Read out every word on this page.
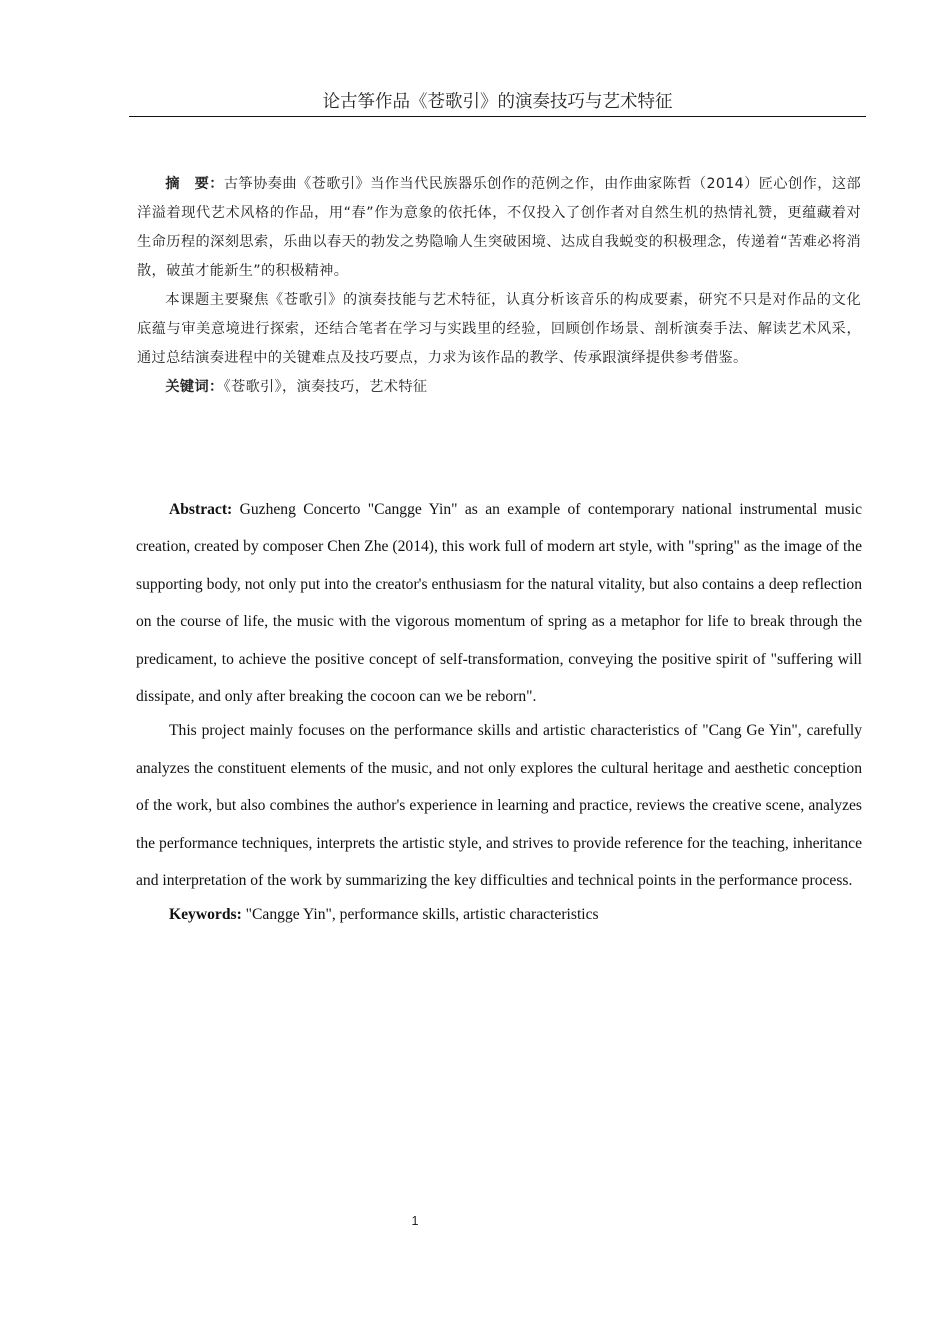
论古筝作品《苍歌引》的演奏技巧与艺术特征

摘　要：古筝协奏曲《苍歌引》当作当代民族器乐创作的范例之作，由作曲家陈哲（2014）匠心创作，这部洋溢着现代艺术风格的作品，用“春”作为意象的依托体，不仅投入了创作者对自然生机的热情礼赞，更蕴藏着对生命历程的深刻思索，乐曲以春天的勃发之势隐喻人生突破困境、达成自我蜕变的积极理念，传递着“苦难必将消散，破茧才能新生”的积极精神。

本课题主要聚焦《苍歌引》的演奏技能与艺术特征，认真分析该音乐的构成要素，研究不只是对作品的文化底蕴与审美意境进行探索，还结合笔者在学习与实践里的经验，回顾创作场景、剖析演奏手法、解读艺术风采，通过总结演奏进程中的关键难点及技巧要点，力求为该作品的教学、传承跟演绎提供参考借鉴。

关键词：《苍歌引》，演奏技巧，艺术特征

Abstract: Guzheng Concerto "Cangge Yin" as an example of contemporary national instrumental music creation, created by composer Chen Zhe (2014), this work full of modern art style, with "spring" as the image of the supporting body, not only put into the creator's enthusiasm for the natural vitality, but also contains a deep reflection on the course of life, the music with the vigorous momentum of spring as a metaphor for life to break through the predicament, to achieve the positive concept of self-transformation, conveying the positive spirit of "suffering will dissipate, and only after breaking the cocoon can we be reborn".

This project mainly focuses on the performance skills and artistic characteristics of "Cang Ge Yin", carefully analyzes the constituent elements of the music, and not only explores the cultural heritage and aesthetic conception of the work, but also combines the author's experience in learning and practice, reviews the creative scene, analyzes the performance techniques, interprets the artistic style, and strives to provide reference for the teaching, inheritance and interpretation of the work by summarizing the key difficulties and technical points in the performance process.

Keywords: "Cangge Yin", performance skills, artistic characteristics

1
